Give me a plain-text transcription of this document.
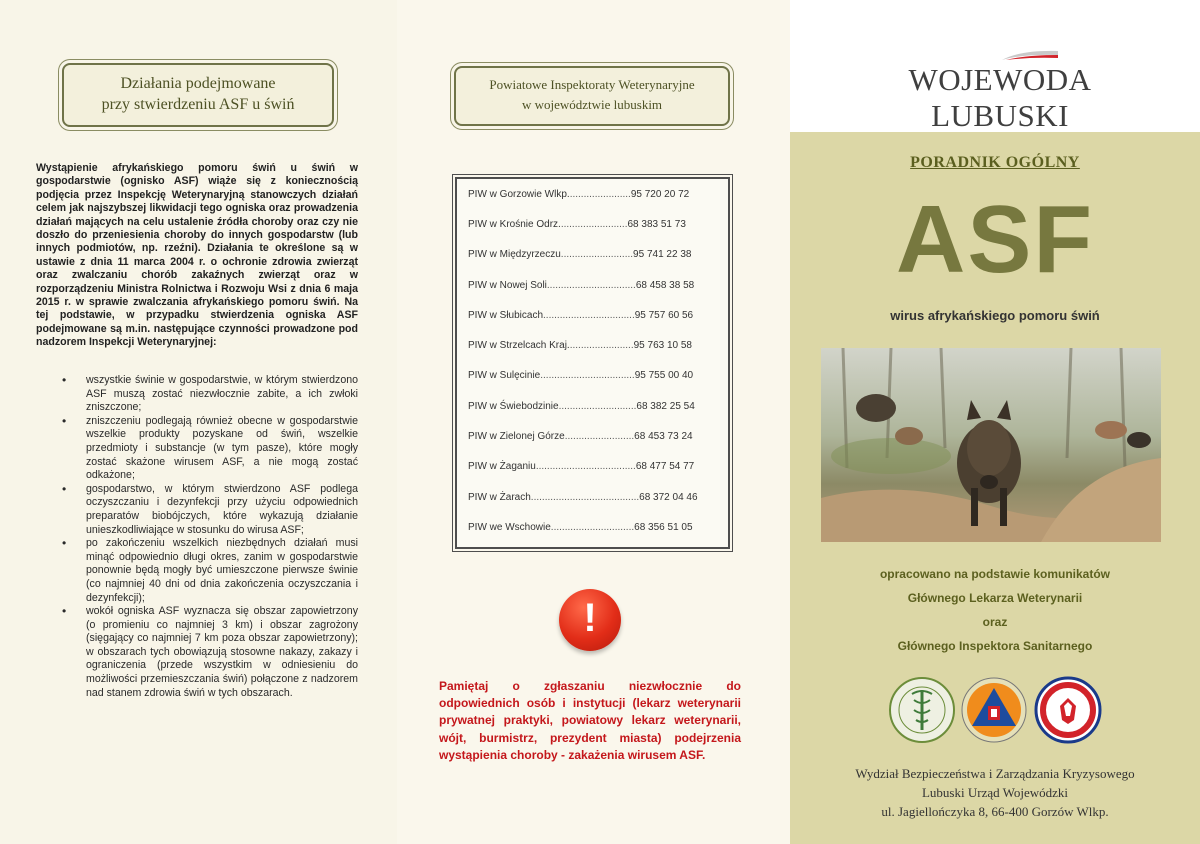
Działania podejmowane
przy stwierdzeniu ASF u świń
Wystąpienie afrykańskiego pomoru świń u świń w gospodarstwie (ognisko ASF) wiąże się z koniecznością podjęcia przez Inspekcję Weterynaryjną stanowczych działań celem jak najszybszej likwidacji tego ogniska oraz prowadzenia działań mających na celu ustalenie źródła choroby oraz czy nie doszło do przeniesienia choroby do innych gospodarstw (lub innych podmiotów, np. rzeźni). Działania te określone są w ustawie z dnia 11 marca 2004 r. o ochronie zdrowia zwierząt oraz zwalczaniu chorób zakaźnych zwierząt oraz w rozporządzeniu Ministra Rolnictwa i Rozwoju Wsi z dnia 6 maja 2015 r. w sprawie zwalczania afrykańskiego pomoru świń. Na tej podstawie, w przypadku stwierdzenia ogniska ASF podejmowane są m.in. następujące czynności prowadzone pod nadzorem Inspekcji Weterynaryjnej:
• wszystkie świnie w gospodarstwie, w którym stwierdzono ASF muszą zostać niezwłocznie zabite, a ich zwłoki zniszczone;
• zniszczeniu podlegają również obecne w gospodarstwie wszelkie produkty pozyskane od świń, wszelkie przedmioty i substancje (w tym pasze), które mogły zostać skażone wirusem ASF, a nie mogą zostać odkażone;
• gospodarstwo, w którym stwierdzono ASF podlega oczyszczaniu i dezynfekcji przy użyciu odpowiednich preparatów biobójczych, które wykazują działanie unieszkodliwiające w stosunku do wirusa ASF;
• po zakończeniu wszelkich niezbędnych działań musi minąć odpowiednio długi okres, zanim w gospodarstwie ponownie będą mogły być umieszczone pierwsze świnie (co najmniej 40 dni od dnia zakończenia oczyszczania i dezynfekcji);
• wokół ogniska ASF wyznacza się obszar zapowietrzony (o promieniu co najmniej 3 km) i obszar zagrożony (sięgający co najmniej 7 km poza obszar zapowietrzony); w obszarach tych obowiązują stosowne nakazy, zakazy i ograniczenia (przede wszystkim w odniesieniu do możliwości przemieszczania świń) połączone z nadzorem nad stanem zdrowia świń w tych obszarach.
Powiatowe Inspektoraty Weterynaryjne
w województwie lubuskim
PIW w Gorzowie Wlkp. ...................... 95 720 20 72
PIW w Krośnie Odrz. ........................ 68 383 51 73
PIW w Międzyrzeczu .......................... 95 741 22 38
PIW w Nowej Soli ................................ 68 458 38 58
PIW w Słubicach ................................. 95 757 60 56
PIW w Strzelcach Kraj. ....................... 95 763 10 58
PIW w Sulęcinie .................................. 95 755 00 40
PIW w Świebodzinie ............................ 68 382 25 54
PIW w Zielonej Górze ......................... 68 453 73 24
PIW w Żaganiu .................................... 68 477 54 77
PIW w Żarach ....................................... 68 372 04 46
PIW we Wschowie .............................. 68 356 51 05
!
Pamiętaj o zgłaszaniu niezwłocznie do odpowiednich osób i instytucji (lekarz weterynarii prywatnej praktyki, powiatowy lekarz weterynarii, wójt, burmistrz, prezydent miasta) podejrzenia wystąpienia choroby - zakażenia wirusem ASF.
WOJEWODA LUBUSKI
PORADNIK OGÓLNY
ASF
wirus afrykańskiego pomoru świń
opracowano na podstawie komunikatów
Głównego Lekarza Weterynarii
oraz
Głównego Inspektora Sanitarnego
Wydział Bezpieczeństwa i Zarządzania Kryzysowego
Lubuski Urząd Wojewódzki
ul. Jagiellończyka 8, 66-400 Gorzów Wlkp.
